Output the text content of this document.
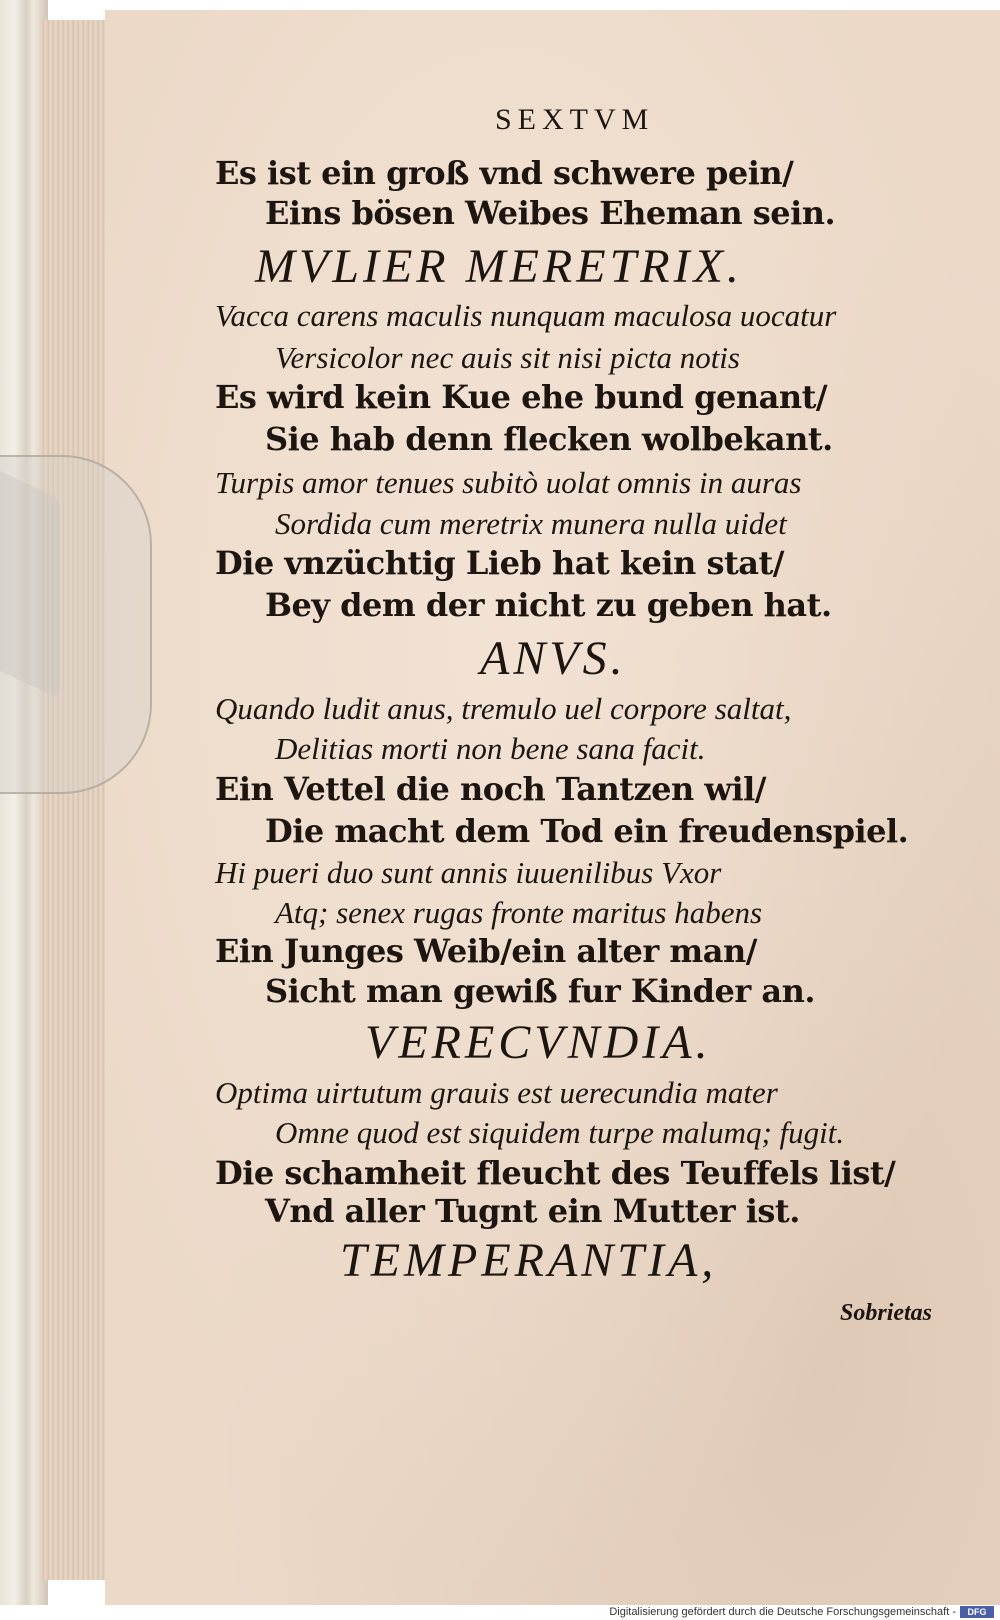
SEXTVM
Es ist ein groß vnd schwere pein/
Eins bösen Weibes Eheman sein.
MVLIER MERETRIX.
Vacca carens maculis nunquam maculosa uocatur
Versicolor nec auis sit nisi picta notis
Es wird kein Kue ehe bund genant/
Sie hab denn flecken wolbekant.
Turpis amor tenues subitò uolat omnis in auras
Sordida cum meretrix munera nulla uidet
Die vnzüchtig Lieb hat kein stat/
Bey dem der nicht zu geben hat.
ANVS.
Quando ludit anus, tremulo uel corpore saltat,
Delitias morti non bene sana facit.
Ein Vettel die noch Tantzen wil/
Die macht dem Tod ein freudenspiel.
Hi pueri duo sunt annis iuuenilibus Vxor
Atq; senex rugas fronte maritus habens
Ein Junges Weib/ein alter man/
Sicht man gewiß fur Kinder an.
VERECVNDIA.
Optima uirtutum grauis est uerecundia mater
Omne quod est siquidem turpe malumq; fugit.
Die schamheit fleucht des Teuffels list/
Vnd aller Tugnt ein Mutter ist.
TEMPERANTIA,
Sobrietas
Digitalisierung gefördert durch die Deutsche Forschungsgemeinschaft -	DFG
